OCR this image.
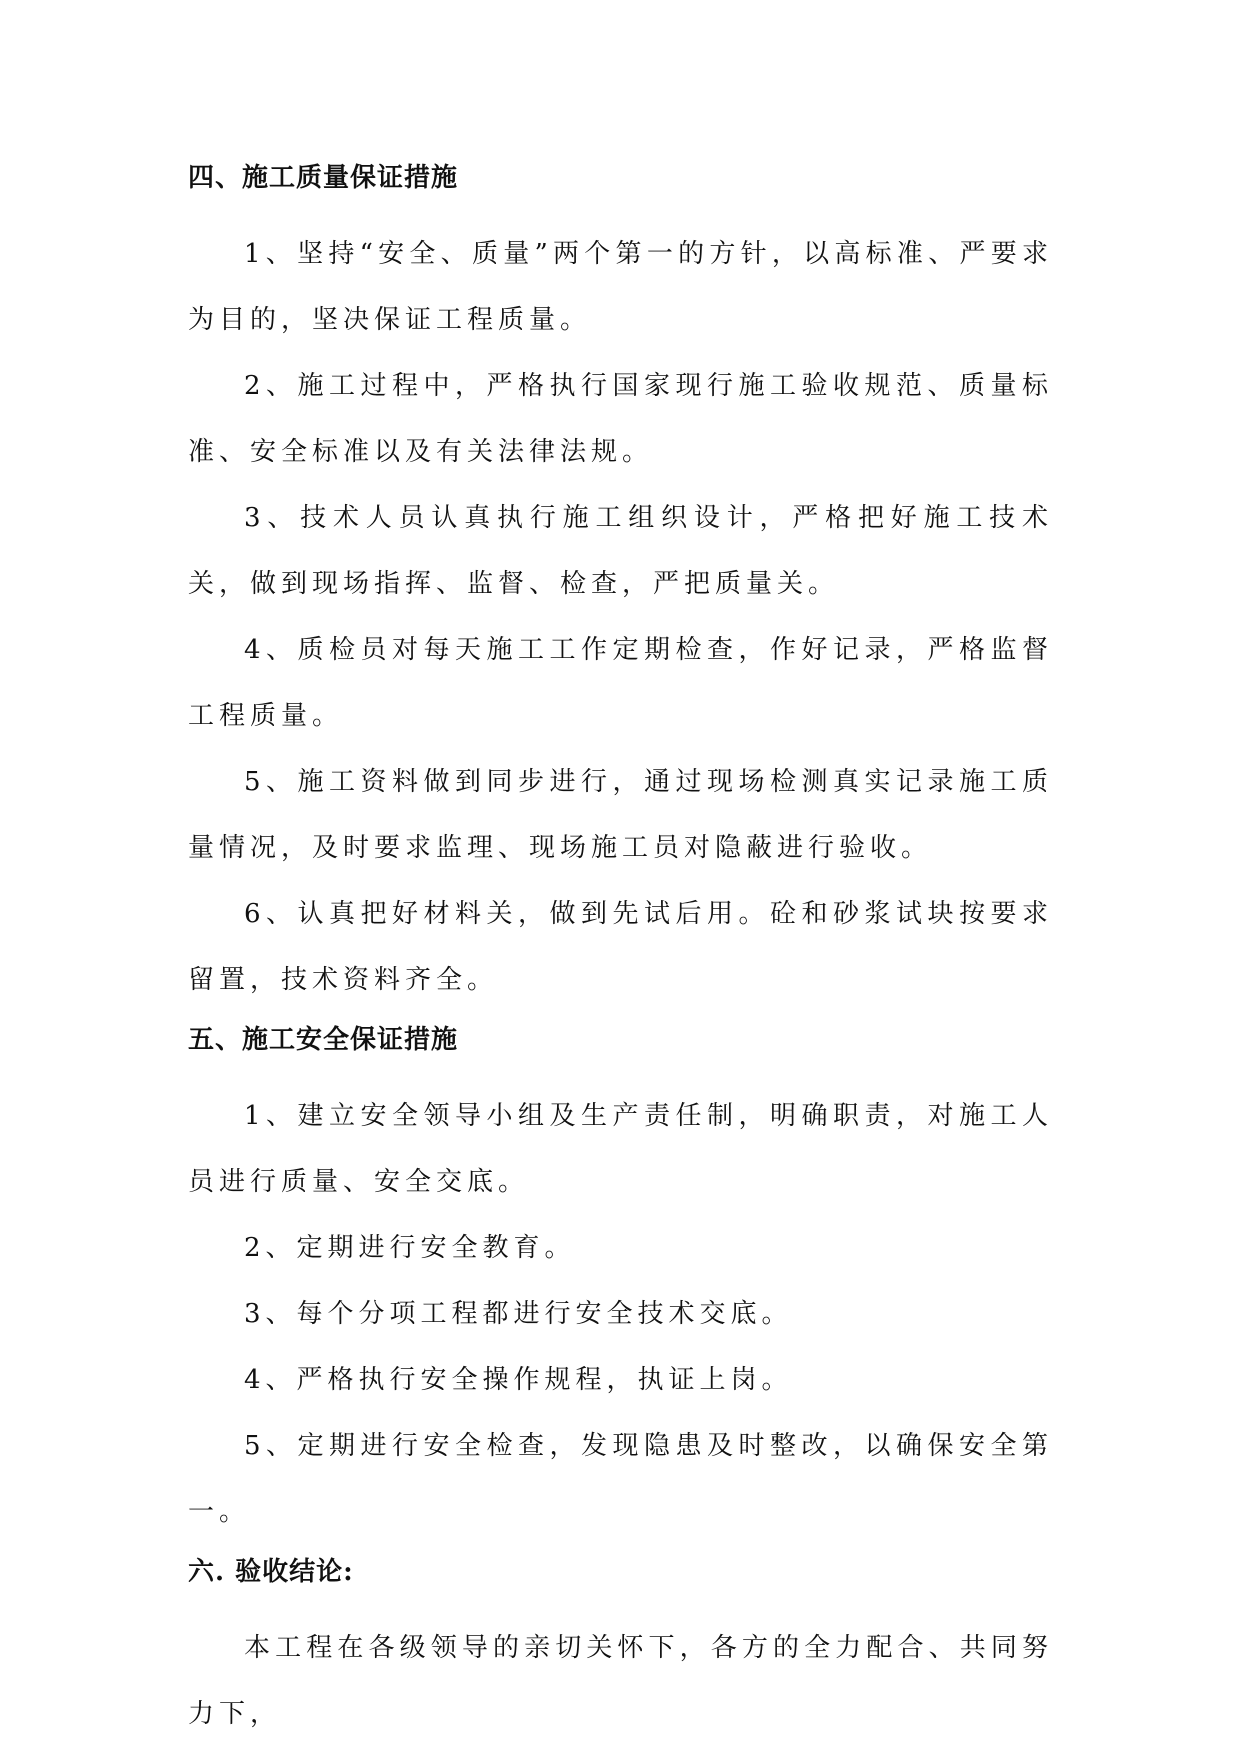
四、施工质量保证措施

1、坚持“安全、质量”两个第一的方针，以高标准、严要求为目的，坚决保证工程质量。

2、施工过程中，严格执行国家现行施工验收规范、质量标准、安全标准以及有关法律法规。

3、技术人员认真执行施工组织设计，严格把好施工技术关，做到现场指挥、监督、检查，严把质量关。

4、质检员对每天施工工作定期检查，作好记录，严格监督工程质量。

5、施工资料做到同步进行，通过现场检测真实记录施工质量情况，及时要求监理、现场施工员对隐蔽进行验收。

6、认真把好材料关，做到先试后用。砼和砂浆试块按要求留置，技术资料齐全。

五、施工安全保证措施

1、建立安全领导小组及生产责任制，明确职责，对施工人员进行质量、安全交底。

2、定期进行安全教育。

3、每个分项工程都进行安全技术交底。

4、严格执行安全操作规程，执证上岗。

5、定期进行安全检查，发现隐患及时整改，以确保安全第一。

六. 验收结论:

本工程在各级领导的亲切关怀下，各方的全力配合、共同努力下，
